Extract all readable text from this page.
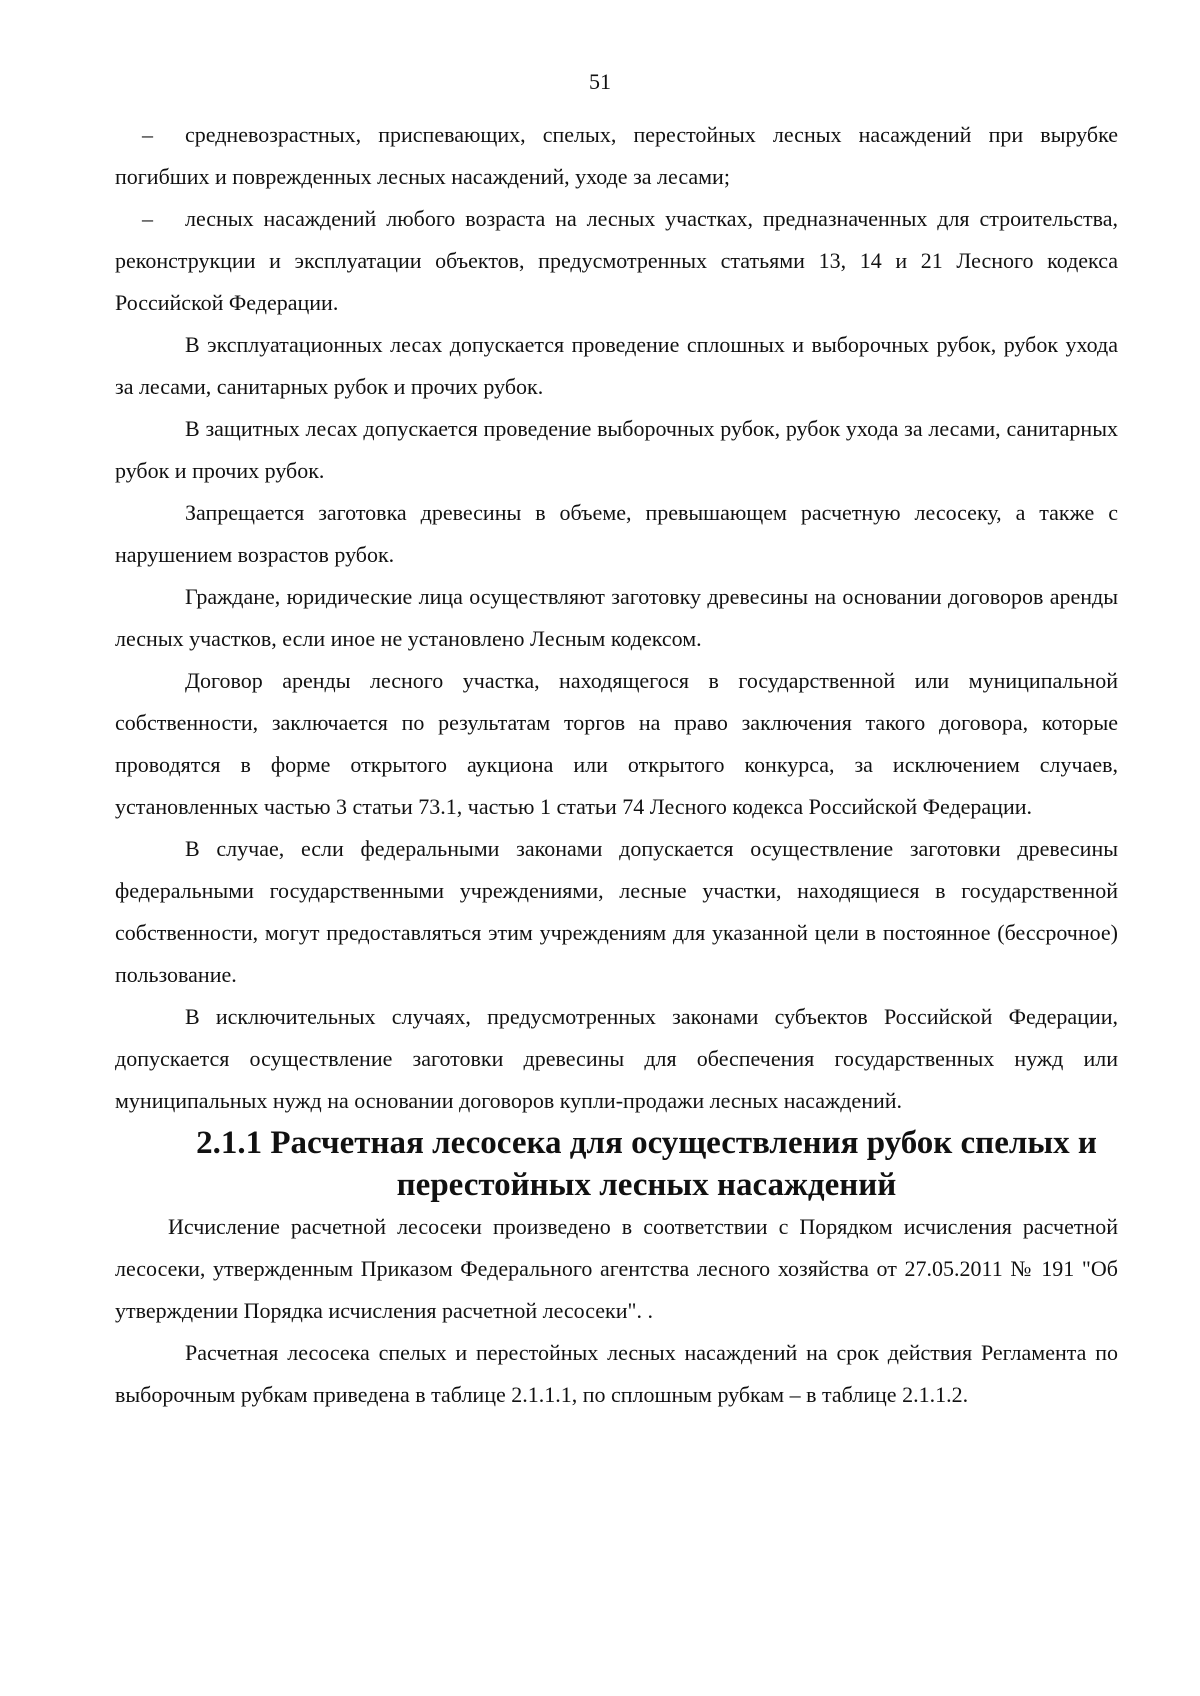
51

– средневозрастных, приспевающих, спелых, перестойных лесных насаждений при вырубке погибших и поврежденных лесных насаждений, уходе за лесами;

– лесных насаждений любого возраста на лесных участках, предназначенных для строительства, реконструкции и эксплуатации объектов, предусмотренных статьями 13, 14 и 21 Лесного кодекса Российской Федерации.

В эксплуатационных лесах допускается проведение сплошных и выборочных рубок, рубок ухода за лесами, санитарных рубок и прочих рубок.

В защитных лесах допускается проведение выборочных рубок, рубок ухода за лесами, санитарных рубок и прочих рубок.

Запрещается заготовка древесины в объеме, превышающем расчетную лесосеку, а также с нарушением возрастов рубок.

Граждане, юридические лица осуществляют заготовку древесины на основании договоров аренды лесных участков, если иное не установлено Лесным кодексом.

Договор аренды лесного участка, находящегося в государственной или муниципальной собственности, заключается по результатам торгов на право заключения такого договора, которые проводятся в форме открытого аукциона или открытого конкурса, за исключением случаев, установленных частью 3 статьи 73.1, частью 1 статьи 74 Лесного кодекса Российской Федерации.

В случае, если федеральными законами допускается осуществление заготовки древесины федеральными государственными учреждениями, лесные участки, находящиеся в государственной собственности, могут предоставляться этим учреждениям для указанной цели в постоянное (бессрочное) пользование.

В исключительных случаях, предусмотренных законами субъектов Российской Федерации, допускается осуществление заготовки древесины для обеспечения государственных нужд или муниципальных нужд на основании договоров купли-продажи лесных насаждений.

2.1.1 Расчетная лесосека для осуществления рубок спелых и перестойных лесных насаждений

Исчисление расчетной лесосеки произведено в соответствии с Порядком исчисления расчетной лесосеки, утвержденным Приказом Федерального агентства лесного хозяйства от 27.05.2011 № 191 "Об утверждении Порядка исчисления расчетной лесосеки". .

Расчетная лесосека спелых и перестойных лесных насаждений на срок действия Регламента по выборочным рубкам приведена в таблице 2.1.1.1, по сплошным рубкам – в таблице 2.1.1.2.
